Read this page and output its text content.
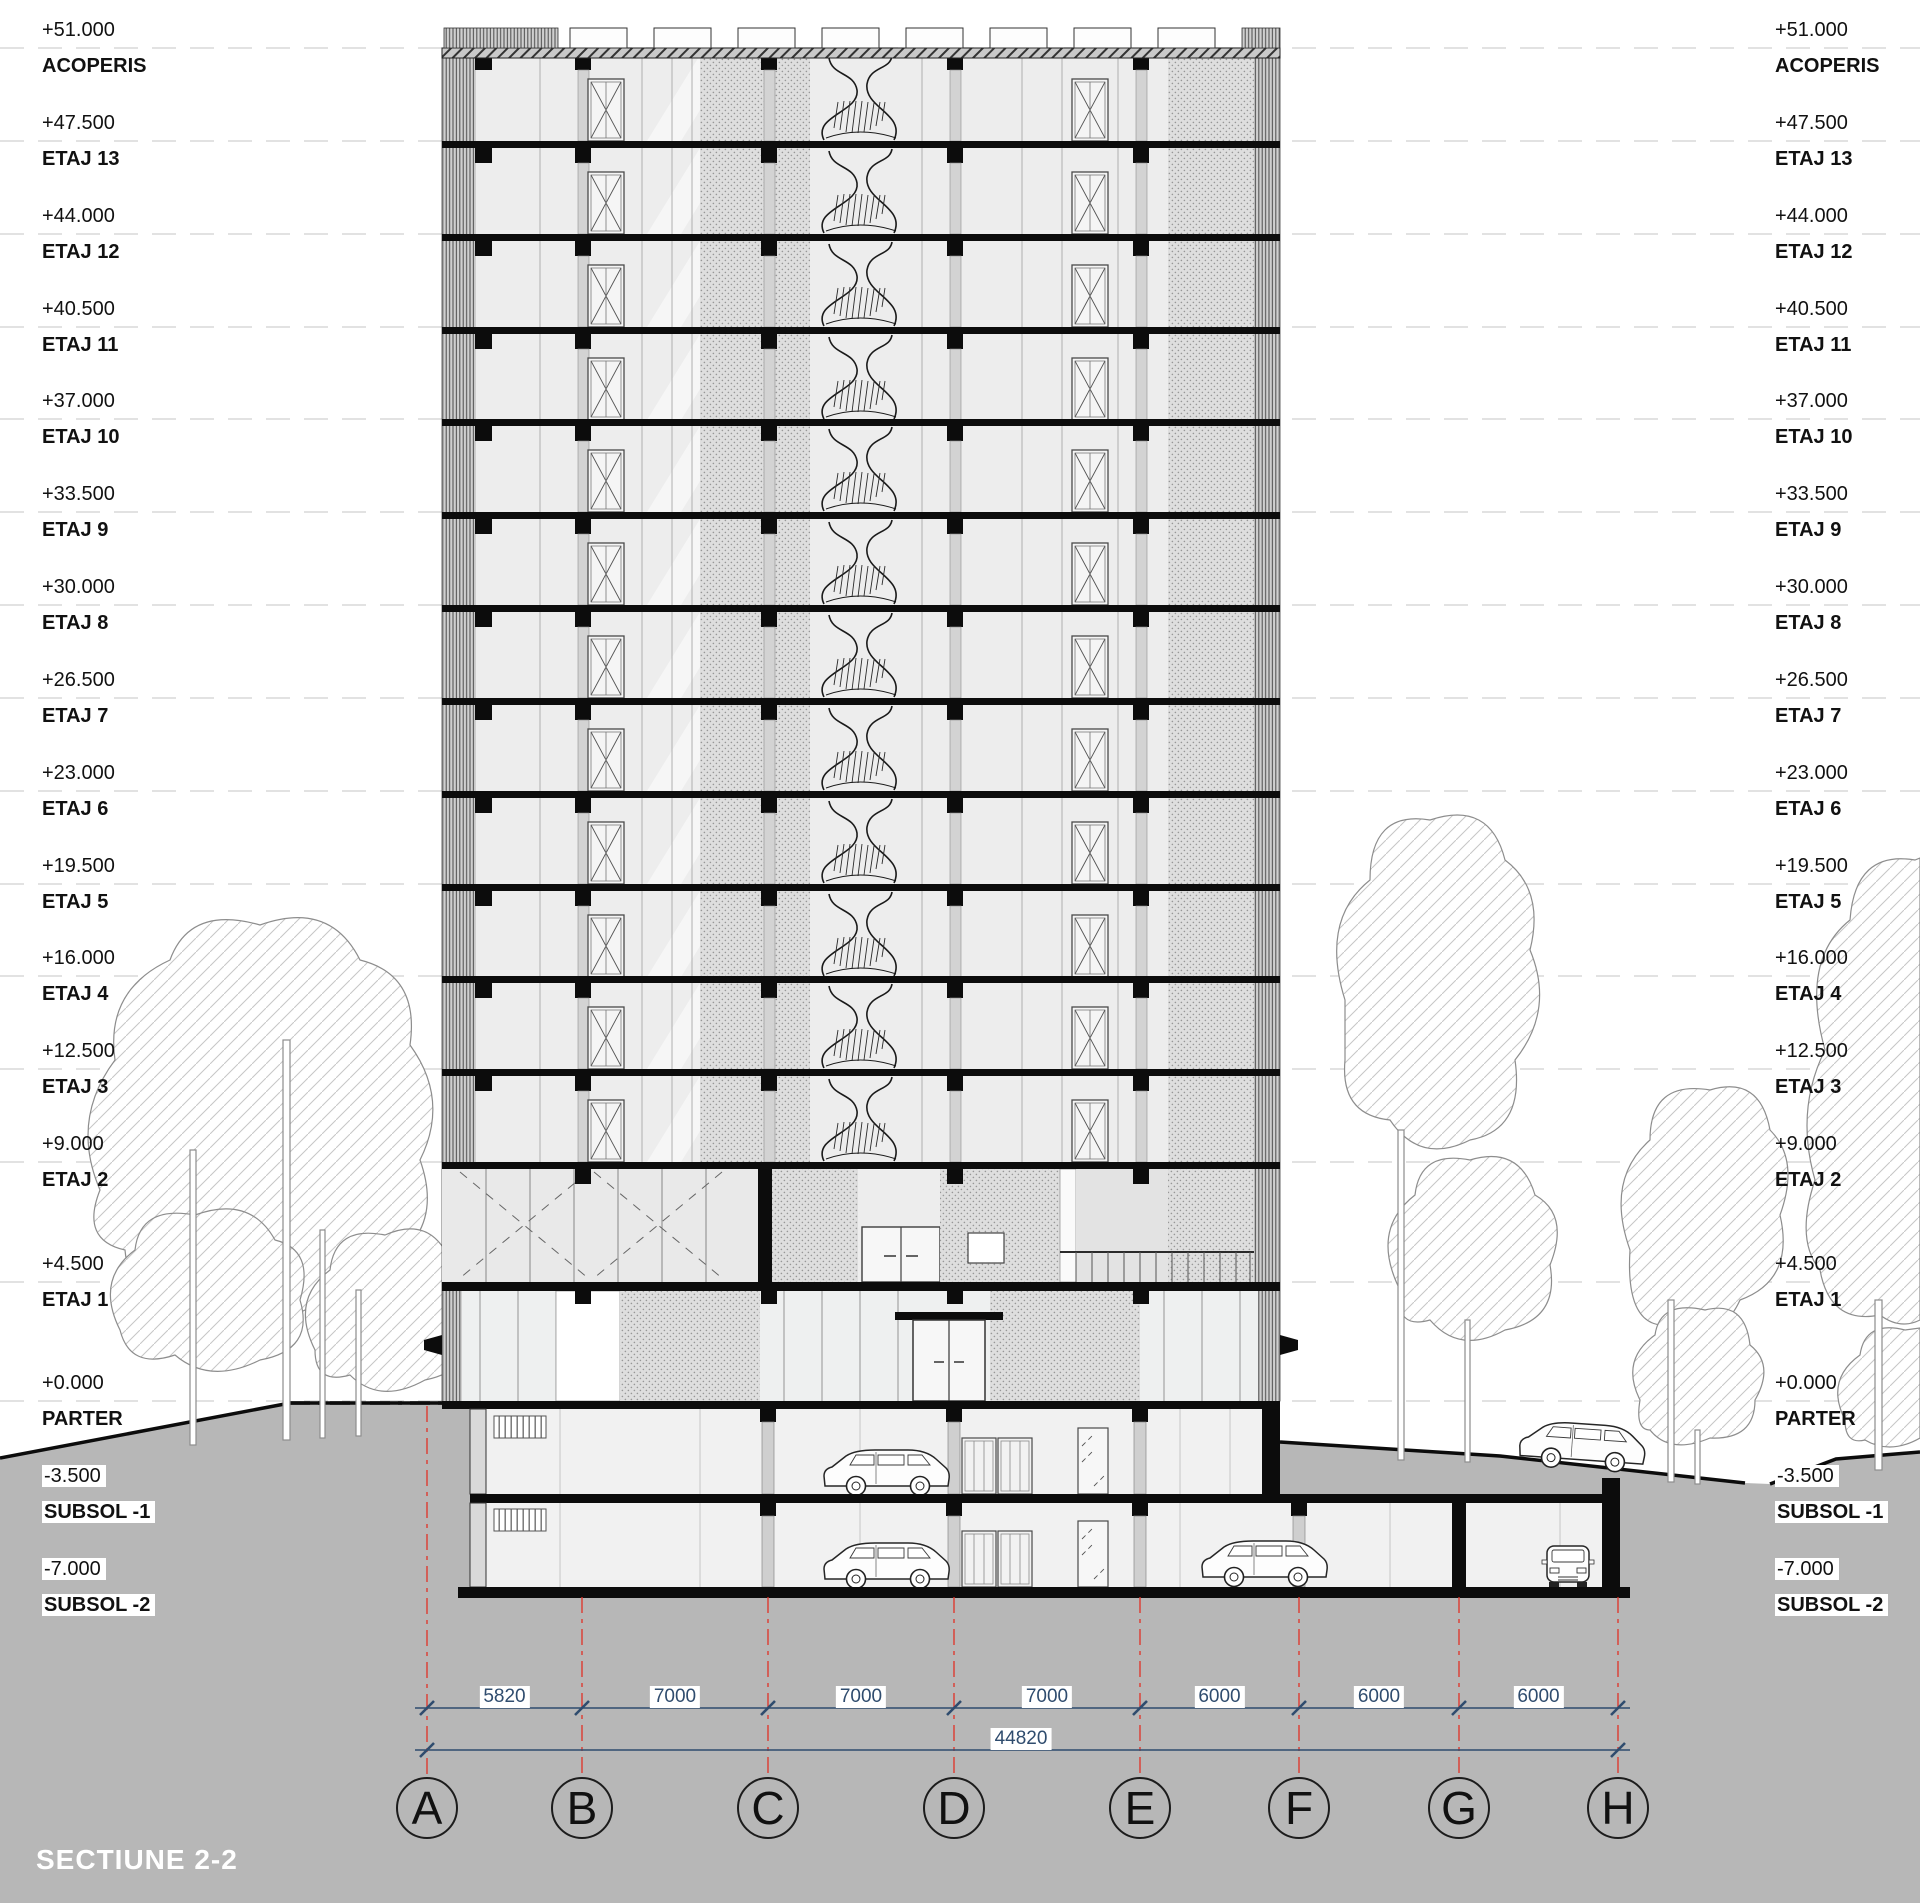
+51.000
ACOPERIS
+47.500
ETAJ 13
+44.000
ETAJ 12
+40.500
ETAJ 11
+37.000
ETAJ 10
+33.500
ETAJ 9
+30.000
ETAJ 8
+26.500
ETAJ 7
+23.000
ETAJ 6
+19.500
ETAJ 5
+16.000
ETAJ 4
+12.500
ETAJ 3
+9.000
ETAJ 2
+4.500
ETAJ 1
+0.000
PARTER
-3.500
SUBSOL -1
-7.000
SUBSOL -2
+51.000
ACOPERIS
+47.500
ETAJ 13
+44.000
ETAJ 12
+40.500
ETAJ 11
+37.000
ETAJ 10
+33.500
ETAJ 9
+30.000
ETAJ 8
+26.500
ETAJ 7
+23.000
ETAJ 6
+19.500
ETAJ 5
+16.000
ETAJ 4
+12.500
ETAJ 3
+9.000
ETAJ 2
+4.500
ETAJ 1
+0.000
PARTER
-3.500
SUBSOL -1
-7.000
SUBSOL -2
A	B	C	D	E	F	G	H
5820	7000	7000	7000	6000	6000	6000
44820
SECTIUNE 2-2
